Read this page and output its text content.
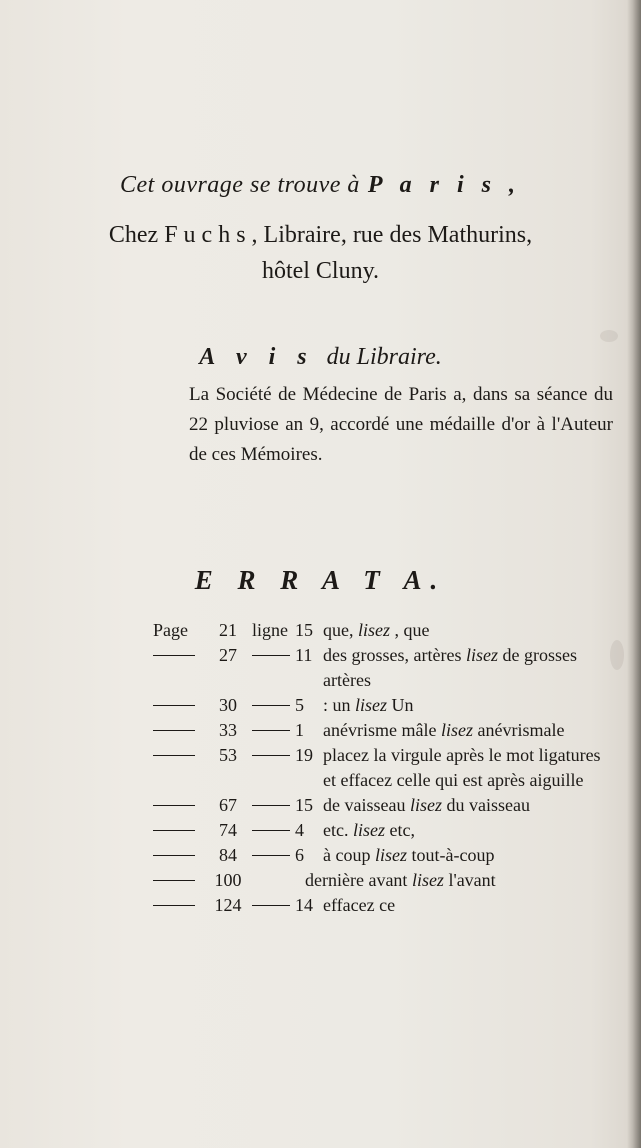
Cet ouvrage se trouve à P a r i s ,
Chez F u c h s , Libraire, rue des Mathurins,
hôtel Cluny.
A v i s du Libraire.

La Société de Médecine de Paris a, dans sa séance du 22 pluviose an 9, accordé une médaille d'or à l'Auteur de ces Mémoires.

E R R A T A.
Page	21 ligne 15 que, lisez , que
27	11 des grosses, artères lisez de grosses
artères
30	5	: un lisez Un
33	1	anévrisme mâle lisez anévrismale
53	19 placez la virgule après le mot ligatures
et effacez celle qui est après aiguille
67	15 de vaisseau lisez du vaisseau
74	4	etc. lisez etc,
84	6	à coup lisez tout-à-coup
100	dernière avant lisez l'avant
124	14 effacez ce
